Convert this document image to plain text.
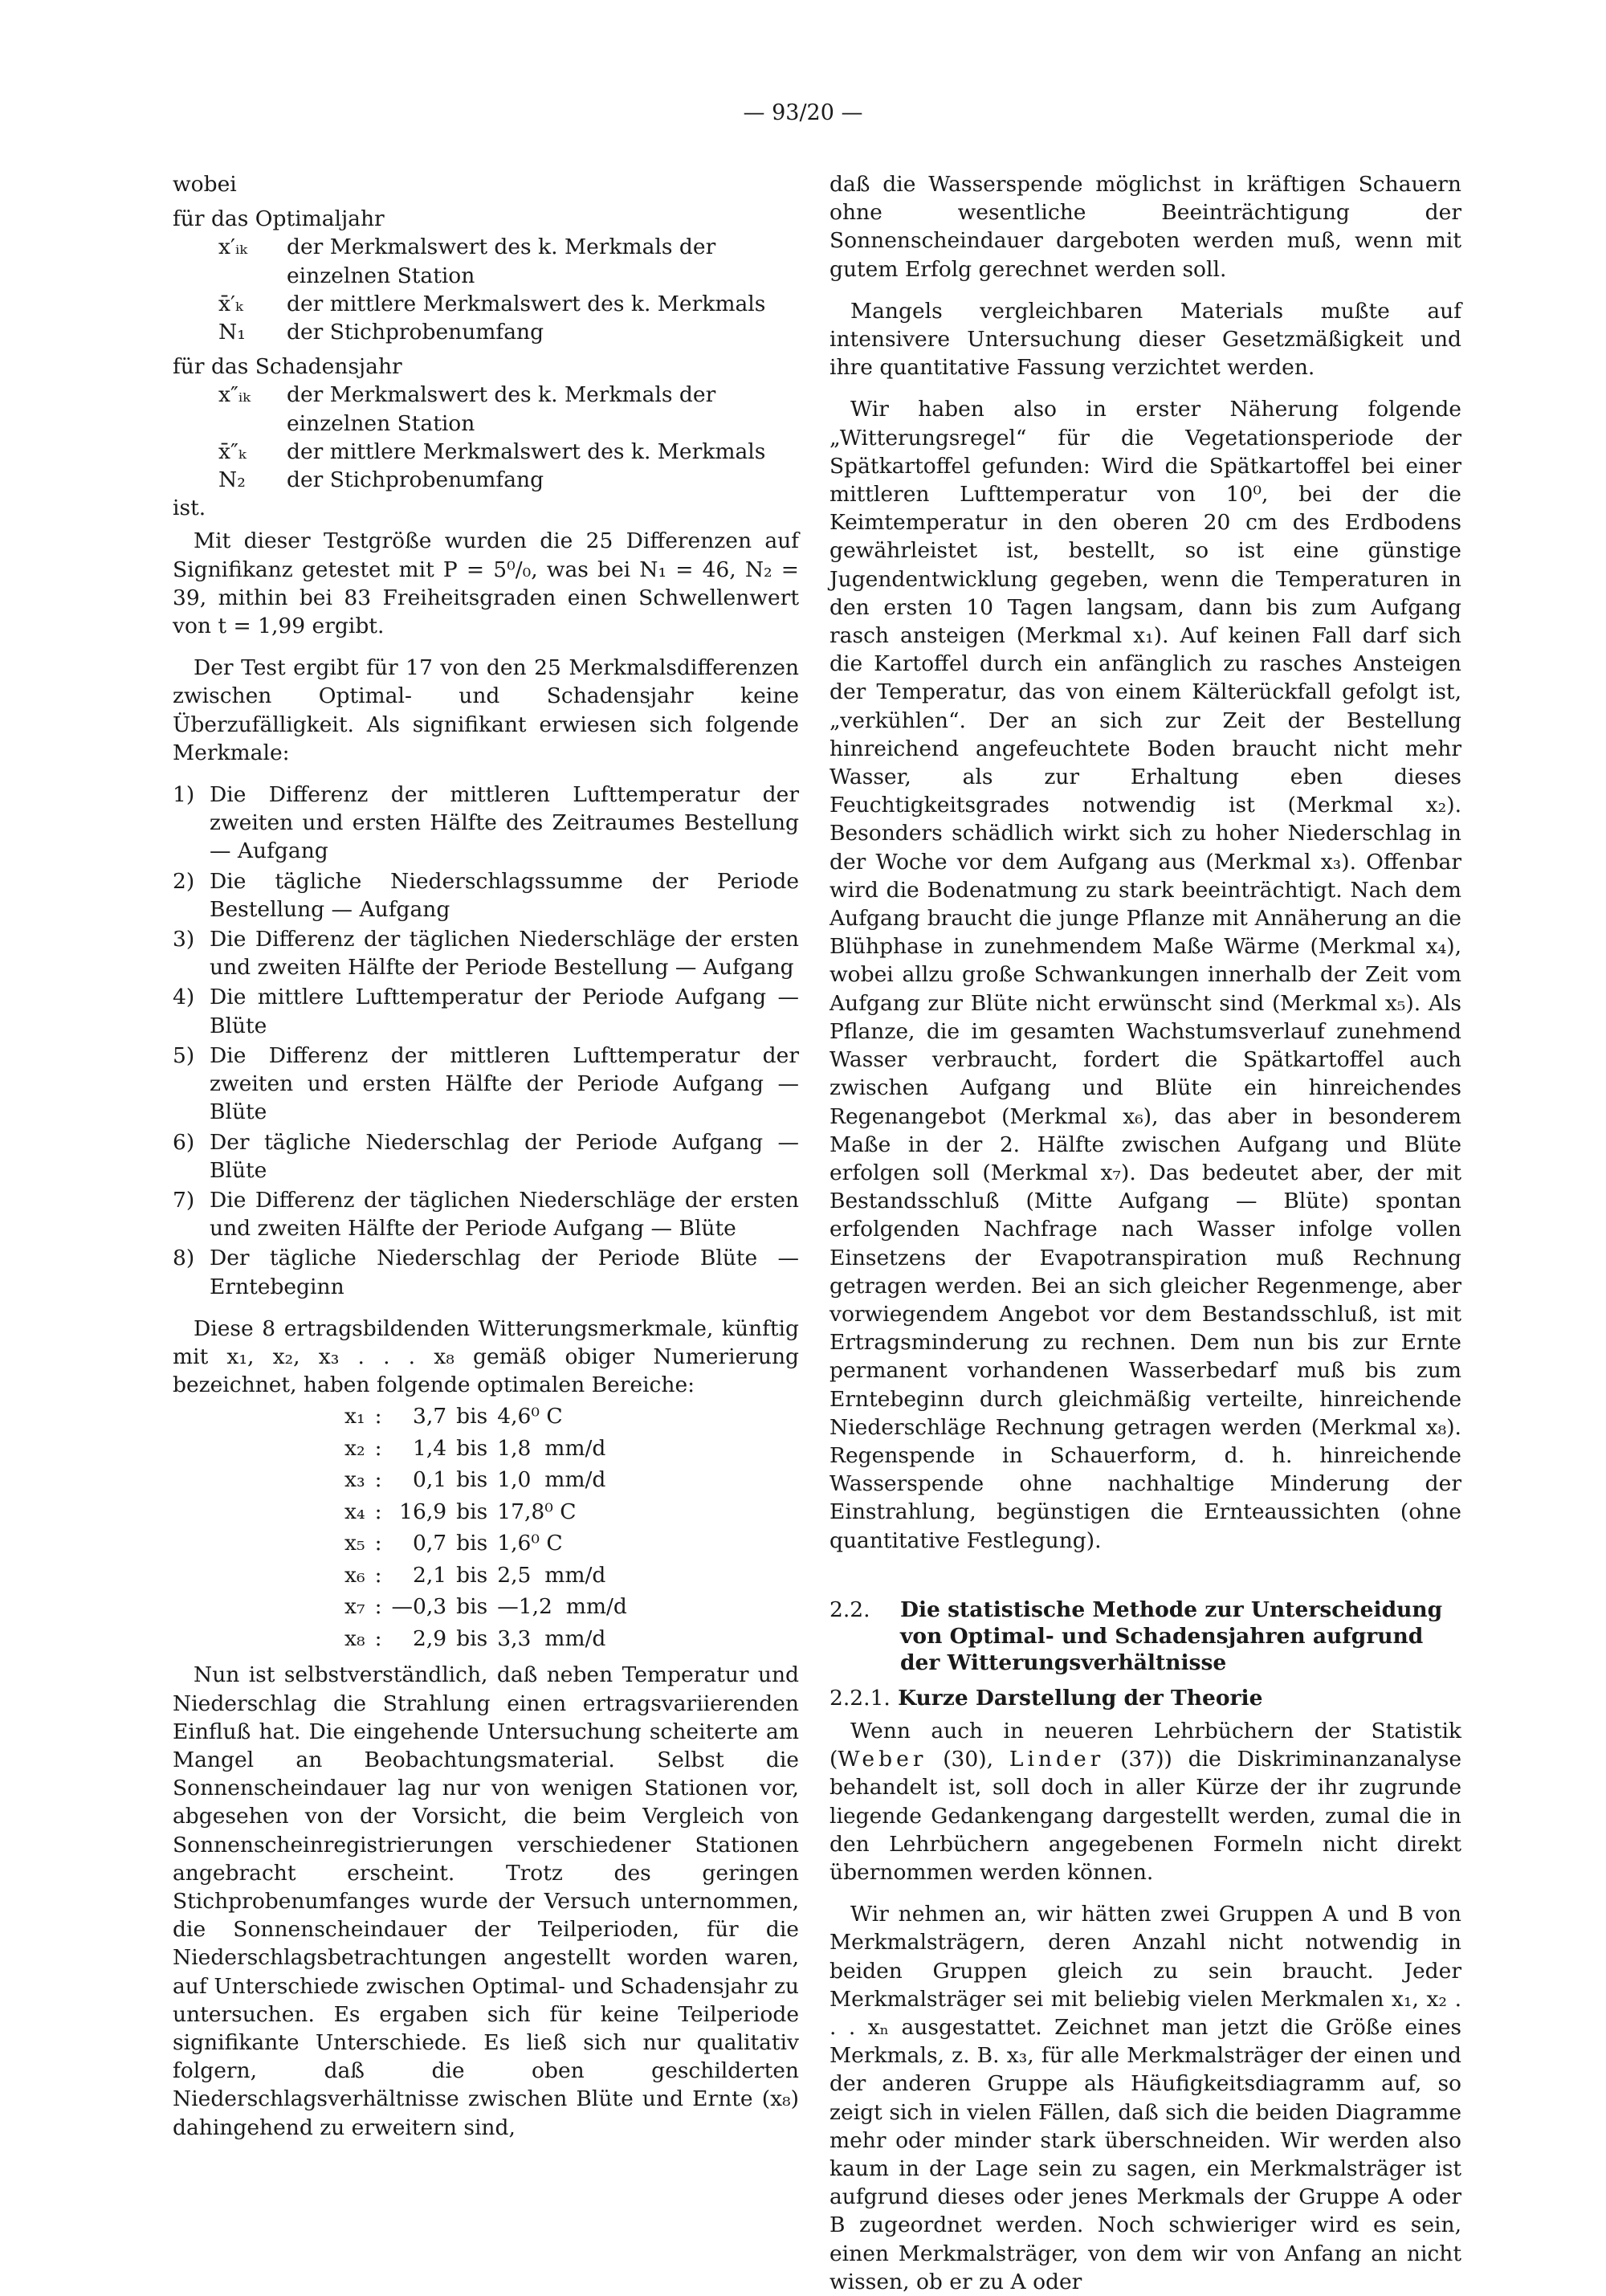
— 93/20 —

wobei

für das Optimaljahr

x′ᵢₖ	der Merkmalswert des k. Merkmals der einzelnen Station
x̄′ₖ	der mittlere Merkmalswert des k. Merkmals
N₁	der Stichprobenumfang

für das Schadensjahr

x″ᵢₖ	der Merkmalswert des k. Merkmals der einzelnen Station
x̄″ₖ	der mittlere Merkmalswert des k. Merkmals
N₂	der Stichprobenumfang

ist.

Mit dieser Testgröße wurden die 25 Differenzen auf Signifikanz getestet mit P = 5⁰/₀, was bei N₁ = 46, N₂ = 39, mithin bei 83 Freiheitsgraden einen Schwellenwert von t = 1,99 ergibt.

Der Test ergibt für 17 von den 25 Merkmalsdifferenzen zwischen Optimal- und Schadensjahr keine Überzufälligkeit. Als signifikant erwiesen sich folgende Merkmale:

1) Die Differenz der mittleren Lufttemperatur der zweiten und ersten Hälfte des Zeitraumes Bestellung — Aufgang
2) Die tägliche Niederschlagssumme der Periode Bestellung — Aufgang
3) Die Differenz der täglichen Niederschläge der ersten und zweiten Hälfte der Periode Bestellung — Aufgang
4) Die mittlere Lufttemperatur der Periode Aufgang — Blüte
5) Die Differenz der mittleren Lufttemperatur der zweiten und ersten Hälfte der Periode Aufgang — Blüte
6) Der tägliche Niederschlag der Periode Aufgang — Blüte
7) Die Differenz der täglichen Niederschläge der ersten und zweiten Hälfte der Periode Aufgang — Blüte
8) Der tägliche Niederschlag der Periode Blüte — Erntebeginn

Diese 8 ertragsbildenden Witterungsmerkmale, künftig mit x₁, x₂, x₃ . . . x₈ gemäß obiger Numerierung bezeichnet, haben folgende optimalen Bereiche:

x₁	:	3,7	bis	4,6⁰ C
x₂	:	1,4	bis	1,8  mm/d
x₃	:	0,1	bis	1,0  mm/d
x₄	:	16,9	bis	17,8⁰ C
x₅	:	0,7	bis	1,6⁰ C
x₆	:	2,1	bis	2,5  mm/d
x₇	:	—0,3	bis	—1,2  mm/d
x₈	:	2,9	bis	3,3  mm/d

Nun ist selbstverständlich, daß neben Temperatur und Niederschlag die Strahlung einen ertragsvariierenden Einfluß hat. Die eingehende Untersuchung scheiterte am Mangel an Beobachtungsmaterial. Selbst die Sonnenscheindauer lag nur von wenigen Stationen vor, abgesehen von der Vorsicht, die beim Vergleich von Sonnenscheinregistrierungen verschiedener Stationen angebracht erscheint. Trotz des geringen Stichprobenumfanges wurde der Versuch unternommen, die Sonnenscheindauer der Teilperioden, für die Niederschlagsbetrachtungen angestellt worden waren, auf Unterschiede zwischen Optimal- und Schadensjahr zu untersuchen. Es ergaben sich für keine Teilperiode signifikante Unterschiede. Es ließ sich nur qualitativ folgern, daß die oben geschilderten Niederschlagsverhältnisse zwischen Blüte und Ernte (x₈) dahingehend zu erweitern sind,

daß die Wasserspende möglichst in kräftigen Schauern ohne wesentliche Beeinträchtigung der Sonnenscheindauer dargeboten werden muß, wenn mit gutem Erfolg gerechnet werden soll.

Mangels vergleichbaren Materials mußte auf intensivere Untersuchung dieser Gesetzmäßigkeit und ihre quantitative Fassung verzichtet werden.

Wir haben also in erster Näherung folgende „Witterungsregel“ für die Vegetationsperiode der Spätkartoffel gefunden: Wird die Spätkartoffel bei einer mittleren Lufttemperatur von 10⁰, bei der die Keimtemperatur in den oberen 20 cm des Erdbodens gewährleistet ist, bestellt, so ist eine günstige Jugendentwicklung gegeben, wenn die Temperaturen in den ersten 10 Tagen langsam, dann bis zum Aufgang rasch ansteigen (Merkmal x₁). Auf keinen Fall darf sich die Kartoffel durch ein anfänglich zu rasches Ansteigen der Temperatur, das von einem Kälterückfall gefolgt ist, „verkühlen“. Der an sich zur Zeit der Bestellung hinreichend angefeuchtete Boden braucht nicht mehr Wasser, als zur Erhaltung eben dieses Feuchtigkeitsgrades notwendig ist (Merkmal x₂). Besonders schädlich wirkt sich zu hoher Niederschlag in der Woche vor dem Aufgang aus (Merkmal x₃). Offenbar wird die Bodenatmung zu stark beeinträchtigt. Nach dem Aufgang braucht die junge Pflanze mit Annäherung an die Blühphase in zunehmendem Maße Wärme (Merkmal x₄), wobei allzu große Schwankungen innerhalb der Zeit vom Aufgang zur Blüte nicht erwünscht sind (Merkmal x₅). Als Pflanze, die im gesamten Wachstumsverlauf zunehmend Wasser verbraucht, fordert die Spätkartoffel auch zwischen Aufgang und Blüte ein hinreichendes Regenangebot (Merkmal x₆), das aber in besonderem Maße in der 2. Hälfte zwischen Aufgang und Blüte erfolgen soll (Merkmal x₇). Das bedeutet aber, der mit Bestandsschluß (Mitte Aufgang — Blüte) spontan erfolgenden Nachfrage nach Wasser infolge vollen Einsetzens der Evapotranspiration muß Rechnung getragen werden. Bei an sich gleicher Regenmenge, aber vorwiegendem Angebot vor dem Bestandsschluß, ist mit Ertragsminderung zu rechnen. Dem nun bis zur Ernte permanent vorhandenen Wasserbedarf muß bis zum Erntebeginn durch gleichmäßig verteilte, hinreichende Niederschläge Rechnung getragen werden (Merkmal x₈). Regenspende in Schauerform, d. h. hinreichende Wasserspende ohne nachhaltige Minderung der Einstrahlung, begünstigen die Ernteaussichten (ohne quantitative Festlegung).

2.2.	Die statistische Methode zur Unterscheidung von Optimal- und Schadensjahren aufgrund der Witterungsverhältnisse
2.2.1. Kurze Darstellung der Theorie

Wenn auch in neueren Lehrbüchern der Statistik (Weber (30), Linder (37)) die Diskriminanzanalyse behandelt ist, soll doch in aller Kürze der ihr zugrunde liegende Gedankengang dargestellt werden, zumal die in den Lehrbüchern angegebenen Formeln nicht direkt übernommen werden können.

Wir nehmen an, wir hätten zwei Gruppen A und B von Merkmalsträgern, deren Anzahl nicht notwendig in beiden Gruppen gleich zu sein braucht. Jeder Merkmalsträger sei mit beliebig vielen Merkmalen x₁, x₂ . . . xₙ ausgestattet. Zeichnet man jetzt die Größe eines Merkmals, z. B. x₃, für alle Merkmalsträger der einen und der anderen Gruppe als Häufigkeitsdiagramm auf, so zeigt sich in vielen Fällen, daß sich die beiden Diagramme mehr oder minder stark überschneiden. Wir werden also kaum in der Lage sein zu sagen, ein Merkmalsträger ist aufgrund dieses oder jenes Merkmals der Gruppe A oder B zugeordnet werden. Noch schwieriger wird es sein, einen Merkmalsträger, von dem wir von Anfang an nicht wissen, ob er zu A oder
